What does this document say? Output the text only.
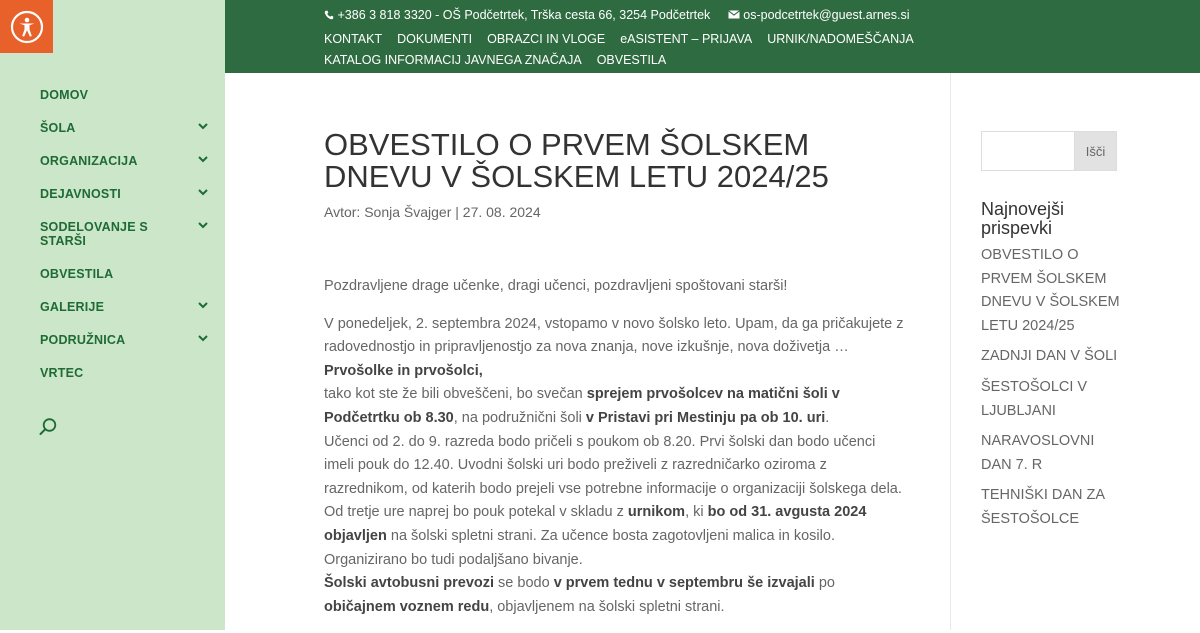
DOMOV
ŠOLA
ORGANIZACIJA
DEJAVNOSTI
SODELOVANJE S STARŠI
OBVESTILA
GALERIJE
PODRUŽNICA
VRTEC
+386 3 818 3320 - OŠ Podčetrtek, Trška cesta 66, 3254 Podčetrtek	os-podcetrtek@guest.arnes.si
KONTAKT DOKUMENTI OBRAZCI IN VLOGE eASISTENT – PRIJAVA URNIK/NADOMEŠČANJAKATALOG INFORMACIJ JAVNEGA ZNAČAJA OBVESTILA
OBVESTILO O PRVEM ŠOLSKEM DNEVU V ŠOLSKEM LETU 2024/25
Avtor: Sonja Švajger | 27. 08. 2024

Pozdravljene drage učenke, dragi učenci, pozdravljeni spoštovani starši!

V ponedeljek, 2. septembra 2024, vstopamo v novo šolsko leto. Upam, da ga pričakujete z radovednostjo in pripravljenostjo za nova znanja, nove izkušnje, nova doživetja …
Prvošolke in prvošolci,
tako kot ste že bili obveščeni, bo svečan sprejem prvošolcev na matični šoli v Podčetrtku ob 8.30, na podružnični šoli v Pristavi pri Mestinju pa ob 10. uri.
Učenci od 2. do 9. razreda bodo pričeli s poukom ob 8.20. Prvi šolski dan bodo učenci imeli pouk do 12.40. Uvodni šolski uri bodo preživeli z razredničarko oziroma z razrednikom, od katerih bodo prejeli vse potrebne informacije o organizaciji šolskega dela. Od tretje ure naprej bo pouk potekal v skladu z urnikom, ki bo od 31. avgusta 2024 objavljen na šolski spletni strani. Za učence bosta zagotovljeni malica in kosilo. Organizirano bo tudi podaljšano bivanje.
Šolski avtobusni prevozi se bodo v prvem tednu v septembru še izvajali po običajnem voznem redu, objavljenem na šolski spletni strani.

Išči
Najnovejši prispevki
OBVESTILO O PRVEM ŠOLSKEM DNEVU V ŠOLSKEM LETU 2024/25
ZADNJI DAN V ŠOLI
ŠESTOŠOLCI V LJUBLJANI
NARAVOSLOVNI DAN 7. R
TEHNIŠKI DAN ZA ŠESTOŠOLCE
